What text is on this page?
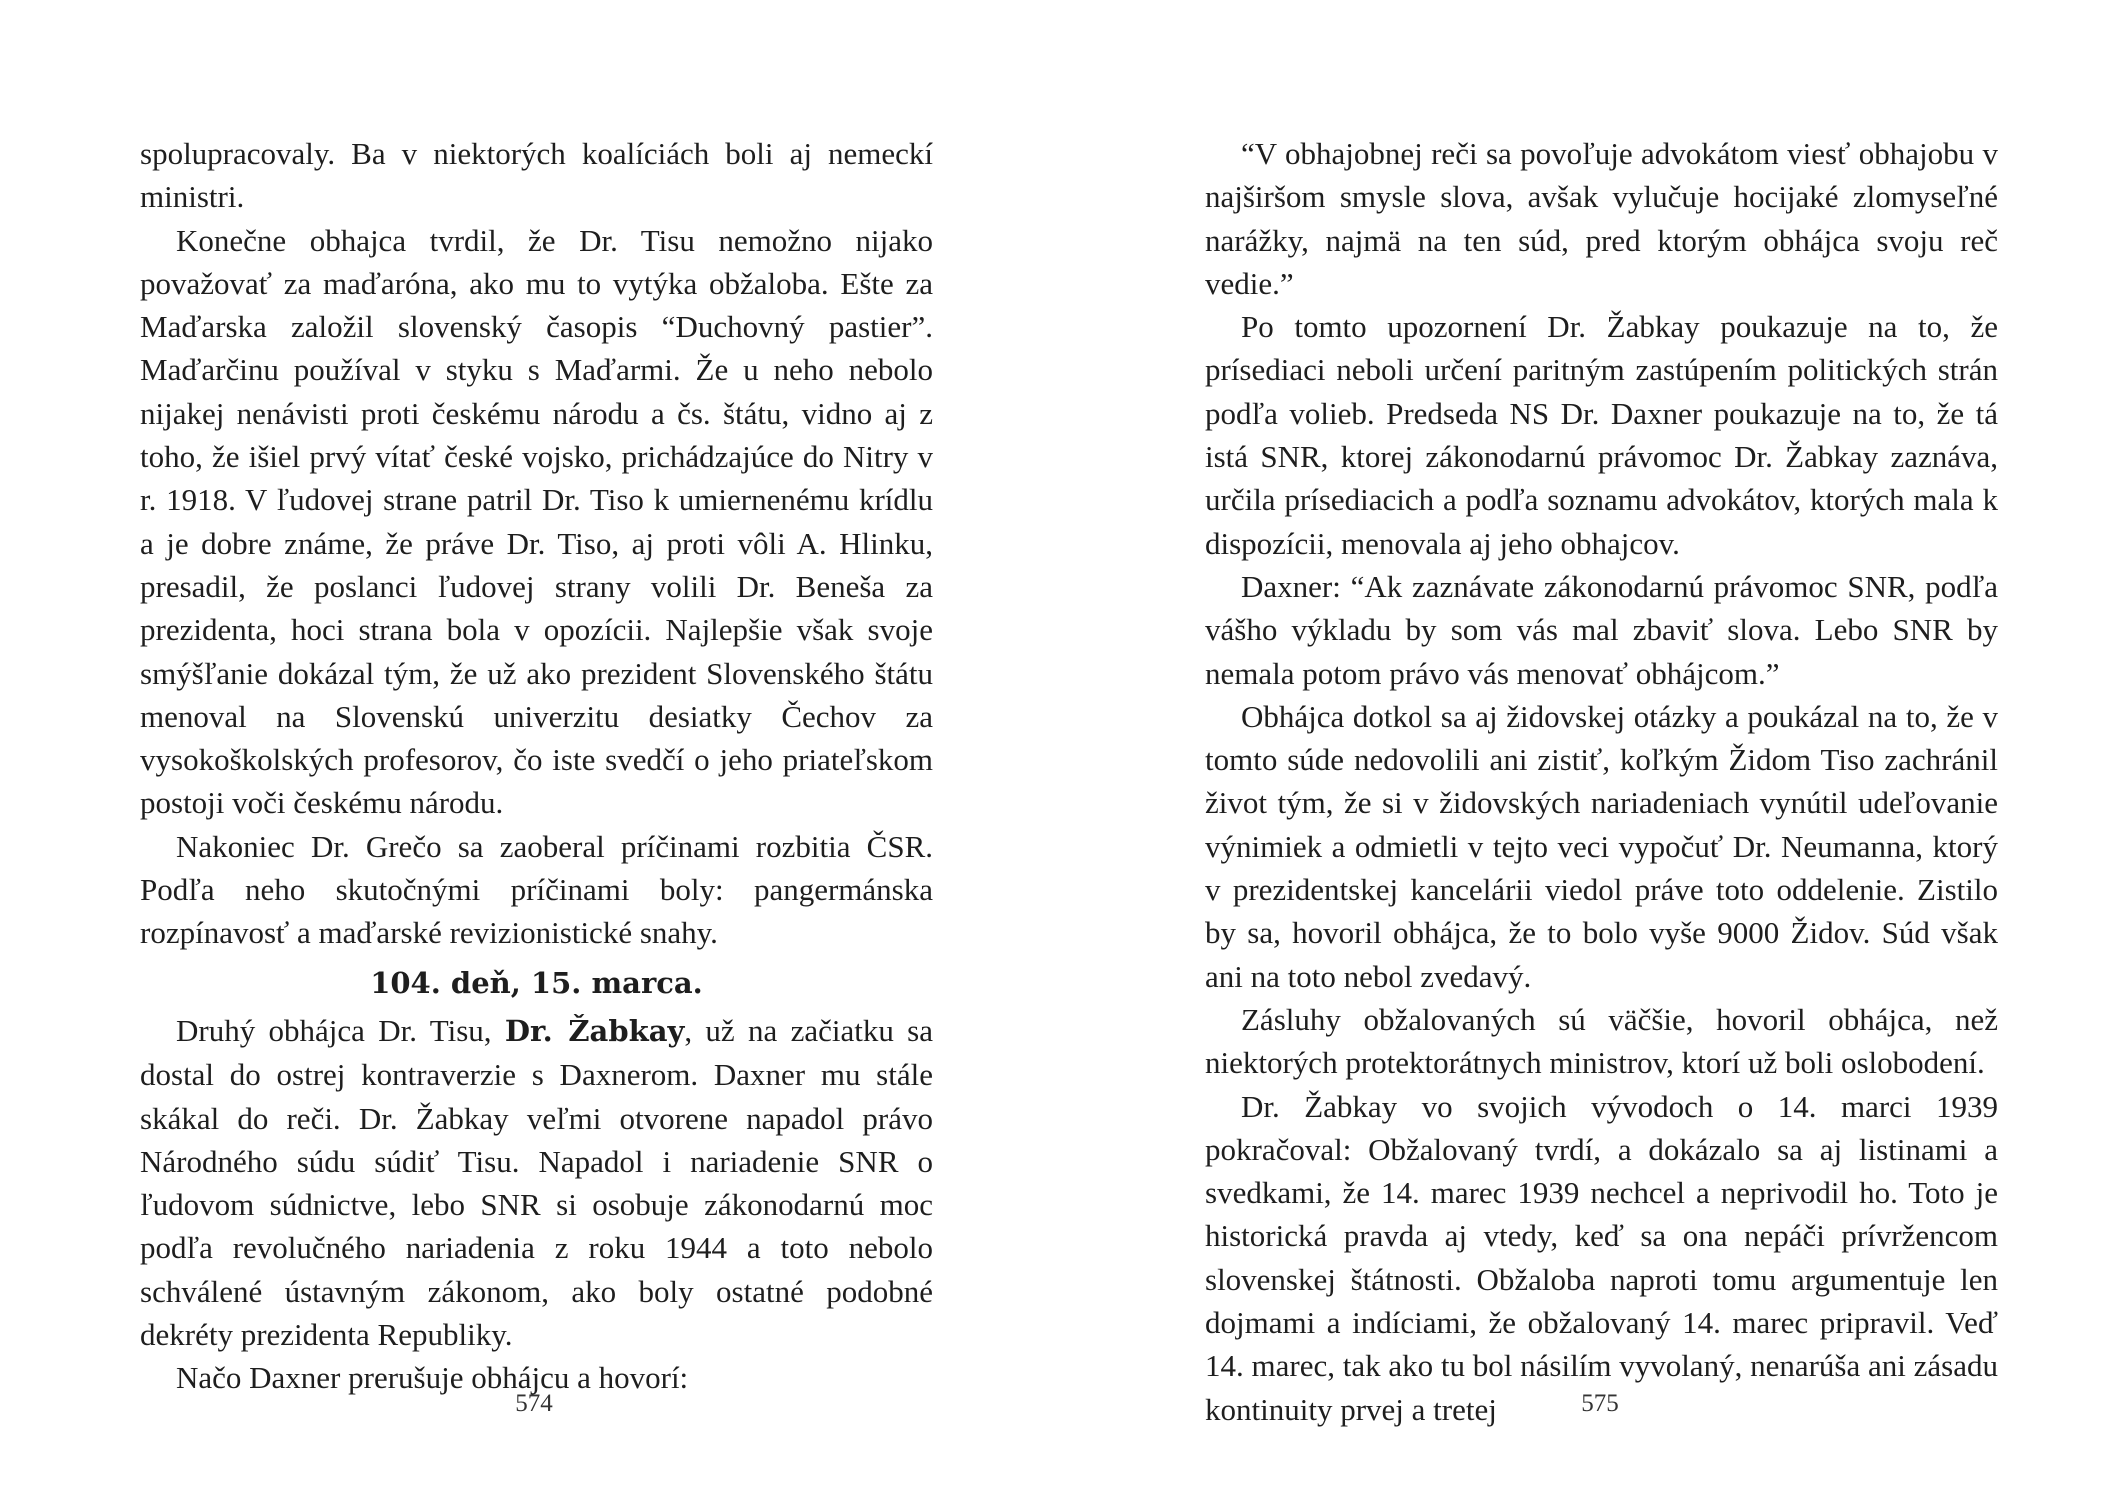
spolupracovaly. Ba v niektorých koalíciách boli aj nemeckí ministri.

Konečne obhajca tvrdil, že Dr. Tisu nemožno nijako považovať za maďaróna, ako mu to vytýka obžaloba. Ešte za Maďarska založil slovenský časopis “Duchovný pastier”. Maďarčinu používal v styku s Maďarmi. Že u neho nebolo nijakej nenávisti proti českému národu a čs. štátu, vidno aj z toho, že išiel prvý vítať české vojsko, prichádzajúce do Nitry v r. 1918. V ľudovej strane patril Dr. Tiso k umiernenému krídlu a je dobre známe, že práve Dr. Tiso, aj proti vôli A. Hlinku, presadil, že poslanci ľudovej strany volili Dr. Beneša za prezidenta, hoci strana bola v opozícii. Najlepšie však svoje smýšľanie dokázal tým, že už ako prezident Slovenského štátu menoval na Slovenskú univerzitu desiatky Čechov za vysokoškolských profesorov, čo iste svedčí o jeho priateľskom postoji voči českému národu.

Nakoniec Dr. Grečo sa zaoberal príčinami rozbitia ČSR. Podľa neho skutočnými príčinami boly: pangermánska rozpínavosť a maďarské revizionistické snahy.

104. deň, 15. marca.

Druhý obhájca Dr. Tisu, Dr. Žabkay, už na začiatku sa dostal do ostrej kontraverzie s Daxnerom. Daxner mu stále skákal do reči. Dr. Žabkay veľmi otvorene napadol právo Národného súdu súdiť Tisu. Napadol i nariadenie SNR o ľudovom súdnictve, lebo SNR si osobuje zákonodarnú moc podľa revolučného nariadenia z roku 1944 a toto nebolo schválené ústavným zákonom, ako boly ostatné podobné dekréty prezidenta Republiky.

Načo Daxner prerušuje obhájcu a hovorí:

“V obhajobnej reči sa povoľuje advokátom viesť obhajobu v najširšom smysle slova, avšak vylučuje hocijaké zlomyseľné narážky, najmä na ten súd, pred ktorým obhájca svoju reč vedie.”

Po tomto upozornení Dr. Žabkay poukazuje na to, že prísediaci neboli určení paritným zastúpením politických strán podľa volieb. Predseda NS Dr. Daxner poukazuje na to, že tá istá SNR, ktorej zákonodarnú právomoc Dr. Žabkay zaznáva, určila prísediacich a podľa soznamu advokátov, ktorých mala k dispozícii, menovala aj jeho obhajcov.

Daxner: “Ak zaznávate zákonodarnú právomoc SNR, podľa vášho výkladu by som vás mal zbaviť slova. Lebo SNR by nemala potom právo vás menovať obhájcom.”

Obhájca dotkol sa aj židovskej otázky a poukázal na to, že v tomto súde nedovolili ani zistiť, koľkým Židom Tiso zachránil život tým, že si v židovských nariadeniach vynútil udeľovanie výnimiek a odmietli v tejto veci vypočuť Dr. Neumanna, ktorý v prezidentskej kancelárii viedol práve toto oddelenie. Zistilo by sa, hovoril obhájca, že to bolo vyše 9000 Židov. Súd však ani na toto nebol zvedavý.

Zásluhy obžalovaných sú väčšie, hovoril obhájca, než niektorých protektorátnych ministrov, ktorí už boli oslobodení.

Dr. Žabkay vo svojich vývodoch o 14. marci 1939 pokračoval: Obžalovaný tvrdí, a dokázalo sa aj listinami a svedkami, že 14. marec 1939 nechcel a neprivodil ho. Toto je historická pravda aj vtedy, keď sa ona nepáči prívržencom slovenskej štátnosti. Obžaloba naproti tomu argumentuje len dojmami a indíciami, že obžalovaný 14. marec pripravil. Veď 14. marec, tak ako tu bol násilím vyvolaný, nenarúša ani zásadu kontinuity prvej a tretej

574	575
